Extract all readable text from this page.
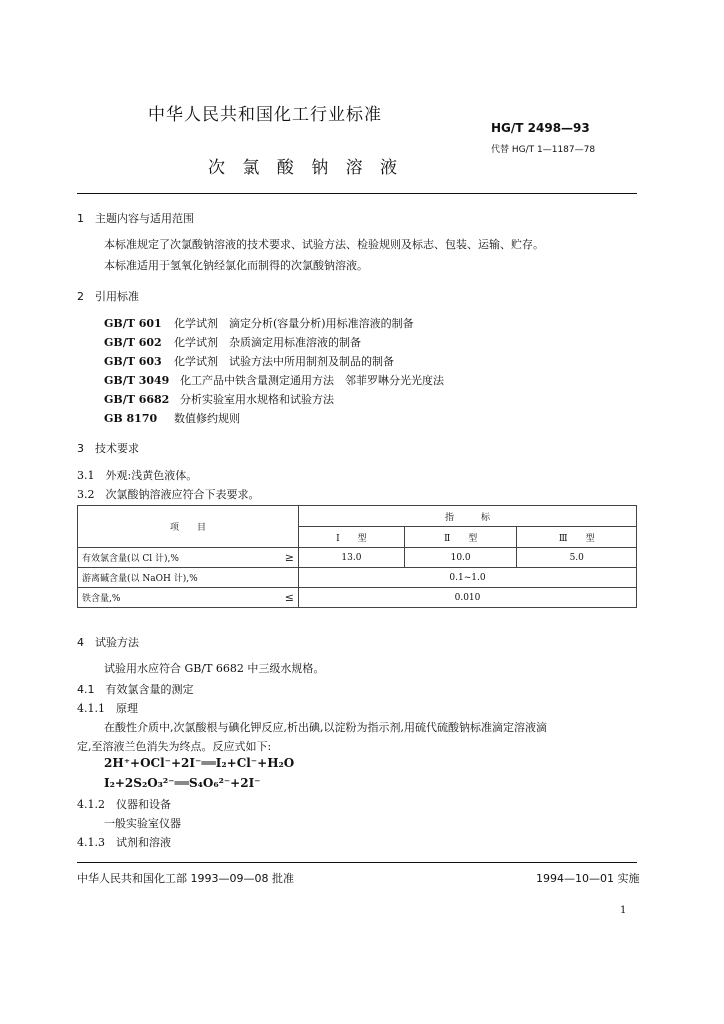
中华人民共和国化工行业标准
HG/T 2498—93
代替 HG/T 1—1187—78
次 氯 酸 钠 溶 液
1　主题内容与适用范围
本标准规定了次氯酸钠溶液的技术要求、试验方法、检验规则及标志、包装、运输、贮存。
本标准适用于氢氧化钠经氯化而制得的次氯酸钠溶液。
2　引用标准
GB/T 601 化学试剂　滴定分析(容量分析)用标准溶液的制备
GB/T 602 化学试剂　杂质滴定用标准溶液的制备
GB/T 603 化学试剂　试验方法中所用制剂及制品的制备
GB/T 3049 化工产品中铁含量测定通用方法　邻菲罗啉分光光度法
GB/T 6682 分析实验室用水规格和试验方法
GB 8170 数值修约规则
3　技术要求
3.1　外观:浅黄色液体。
3.2　次氯酸钠溶液应符合下表要求。
项　　目	指　　　标		
	Ⅰ　　型	Ⅱ　　型	Ⅲ　　型
有效氯含量(以 Cl 计),% ≥	13.0	10.0	5.0
游离碱含量(以 NaOH 计),%	0.1~1.0		
铁含量,% ≤	0.010		
4　试验方法
试验用水应符合 GB/T 6682 中三级水规格。
4.1　有效氯含量的测定
4.1.1　原理
在酸性介质中,次氯酸根与碘化钾反应,析出碘,以淀粉为指示剂,用硫代硫酸钠标准滴定溶液滴
定,至溶液兰色消失为终点。反应式如下:
2H⁺+OCl⁻+2I⁻══I₂+Cl⁻+H₂O
I₂+2S₂O₃²⁻══S₄O₆²⁻+2I⁻
4.1.2　仪器和设备
一般实验室仪器
4.1.3　试剂和溶液
中华人民共和国化工部 1993—09—08 批准	1994—10—01 实施
1
